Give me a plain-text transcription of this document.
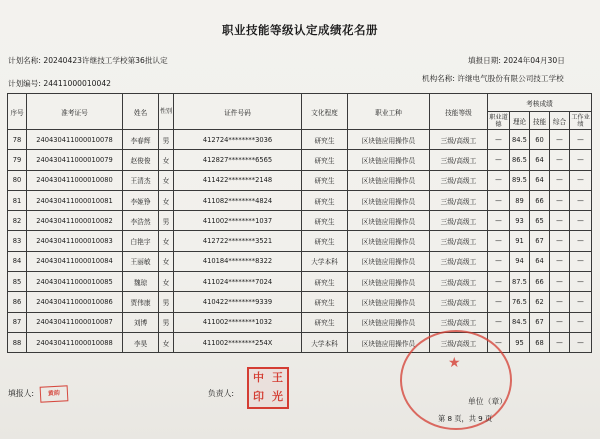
职业技能等级认定成绩花名册
计划名称: 20240423许继技工学校第36批认定	填报日期: 2024年04月30日
计划编号: 24411000010042
机构名称: 许继电气股份有限公司技工学校
序号	准考证号	姓名	性别	证件号码	文化程度	职业工种	技能等级	考核成绩				
								职业道德	理论	技能	综合	工作业绩
78	240430411000010078	李春辉	男	412724********3036	研究生	区块链应用操作员	三级/高级工	—	84.5	60	—	—
79	240430411000010079	赵俊俊	女	412827********6565	研究生	区块链应用操作员	三级/高级工	—	86.5	64	—	—
80	240430411000010080	王清杰	女	411422********2148	研究生	区块链应用操作员	三级/高级工	—	89.5	64	—	—
81	240430411000010081	李姬铮	女	411082********4824	研究生	区块链应用操作员	三级/高级工	—	89	66	—	—
82	240430411000010082	李浩然	男	411002********1037	研究生	区块链应用操作员	三级/高级工	—	93	65	—	—
83	240430411000010083	白艳宇	女	412722********3521	研究生	区块链应用操作员	三级/高级工	—	91	67	—	—
84	240430411000010084	王丽敏	女	410184********8322	大学本科	区块链应用操作员	三级/高级工	—	94	64	—	—
85	240430411000010085	魏琼	女	411024********7024	研究生	区块链应用操作员	三级/高级工	—	87.5	66	—	—
86	240430411000010086	贾伟康	男	410422********9339	研究生	区块链应用操作员	三级/高级工	—	76.5	62	—	—
87	240430411000010087	刘博	男	411002********1032	研究生	区块链应用操作员	三级/高级工	—	84.5	67	—	—
88	240430411000010088	李昊	女	411002********254X	大学本科	区块链应用操作员	三级/高级工	—	95	68	—	—
填报人:	黄韵	负责人:
中 王
印 光
★
单位（章）
第 8 页，共 9 页
